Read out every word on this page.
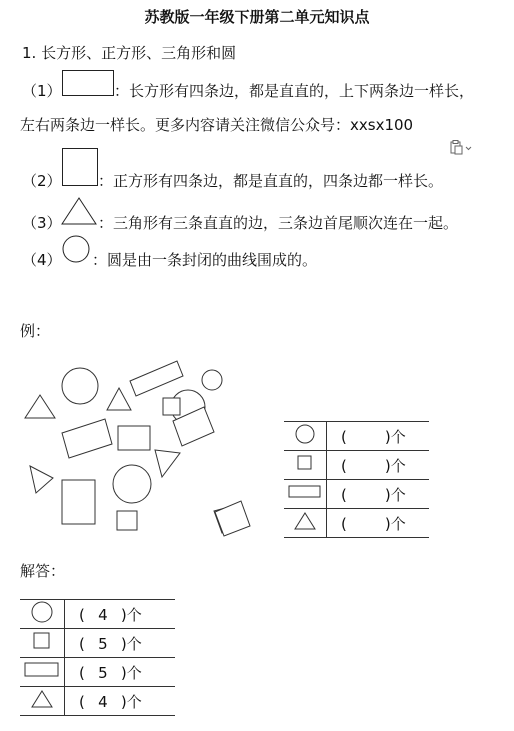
苏教版一年级下册第二单元知识点
1. 长方形、正方形、三角形和圆
（1）	：长方形有四条边，都是直直的，上下两条边一样长，
左右两条边一样长。更多内容请关注微信公众号：xxsx100
（2） ：正方形有四条边，都是直直的，四条边都一样长。
（3） ：三角形有三条直直的边，三条边首尾顺次连在一起。
（4） ：圆是由一条封闭的曲线围成的。
例：
	( )个
	( )个
	( )个
	( )个
解答：
	( 4 )个
	( 5 )个
	( 5 )个
	( 4 )个
